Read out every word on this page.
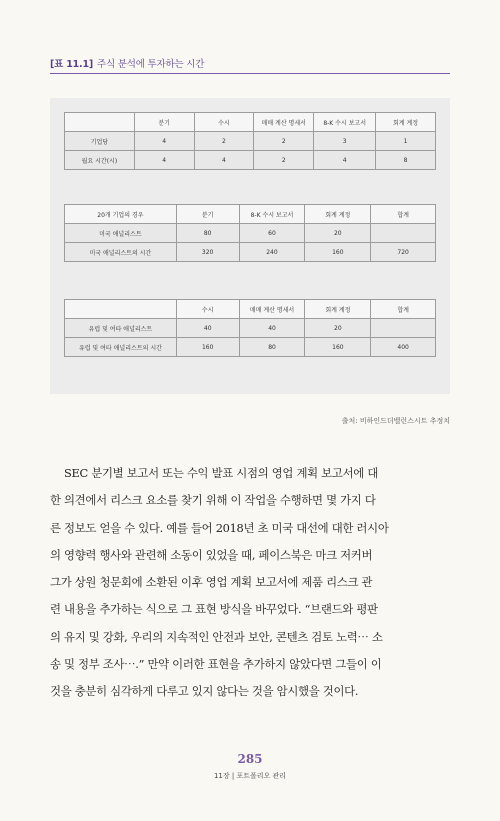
[표 11.1] 주식 분석에 투자하는 시간
	분기	수시	매매 계산 명세서	8-K 수시 보고서	회계 계정
기업당	4	2	2	3	1
월요 시간(시)	4	4	2	4	8
20개 기업의 경우	분기	8-K 수시 보고서	회계 계정	합계
미국 애널리스트	80	60	20	
미국 애널리스트의 시간	320	240	160	720
	수시	매매 계산 명세서	회계 계정	합계
유럽 및 여타 애널리스트	40	40	20	
유럽 및 여타 애널리스트의 시간	160	80	160	400
출처: 비하인드더밸런스시트 추정치
SEC 분기별 보고서 또는 수익 발표 시점의 영업 계획 보고서에 대
한 의견에서 리스크 요소를 찾기 위해 이 작업을 수행하면 몇 가지 다
른 정보도 얻을 수 있다. 예를 들어 2018년 초 미국 대선에 대한 러시아
의 영향력 행사와 관련해 소동이 있었을 때, 페이스북은 마크 저커버
그가 상원 청문회에 소환된 이후 영업 계획 보고서에 제품 리스크 관
련 내용을 추가하는 식으로 그 표현 방식을 바꾸었다. “브랜드와 평판
의 유지 및 강화, 우리의 지속적인 안전과 보안, 콘텐츠 검토 노력⋯ 소
송 및 정부 조사⋯.” 만약 이러한 표현을 추가하지 않았다면 그들이 이
것을 충분히 심각하게 다루고 있지 않다는 것을 암시했을 것이다.
285
11장 | 포트폴리오 관리
